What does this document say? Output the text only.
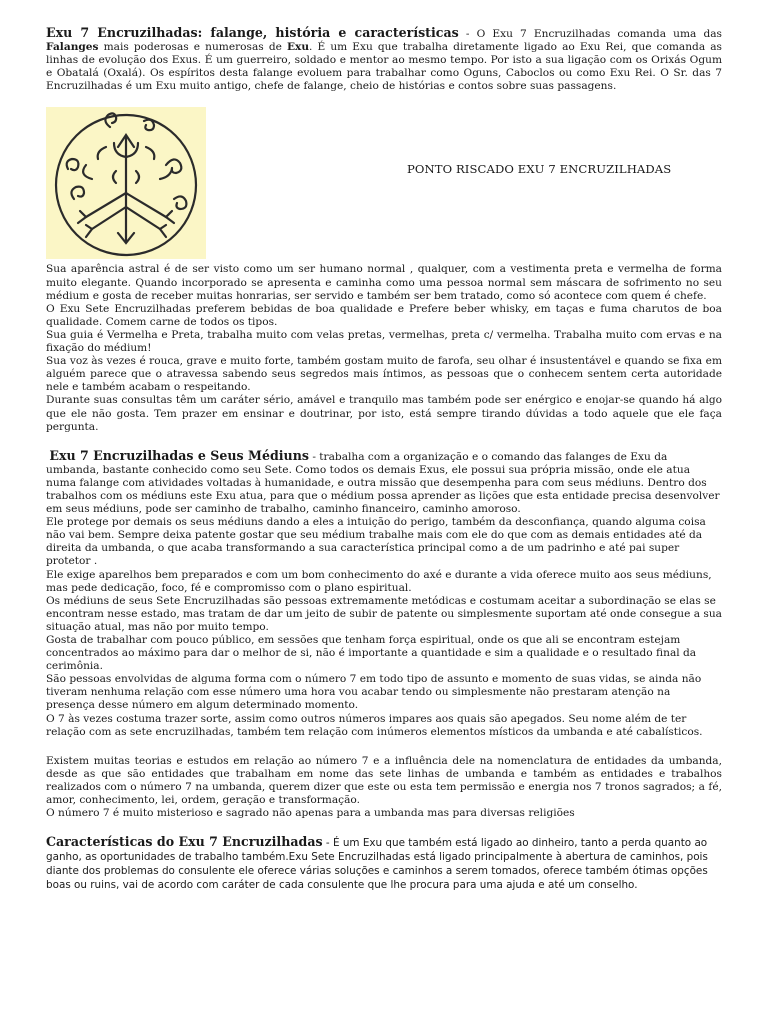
Exu 7 Encruzilhadas: falange, história e características - O Exu 7 Encruzilhadas comanda uma das Falanges mais poderosas e numerosas de Exu. É um Exu que trabalha diretamente ligado ao Exu Rei, que comanda as linhas de evolução dos Exus. É um guerreiro, soldado e mentor ao mesmo tempo. Por isto a sua ligação com os Orixás Ogum e Obatalá (Oxalá). Os espíritos desta falange evoluem para trabalhar como Oguns, Caboclos ou como Exu Rei. O Sr. das 7 Encruzilhadas é um Exu muito antigo, chefe de falange, cheio de histórias e contos sobre suas passagens.

PONTO RISCADO EXU 7 ENCRUZILHADAS

Sua aparência astral é de ser visto como um ser humano normal , qualquer, com a vestimenta preta e vermelha de forma muito elegante. Quando incorporado se apresenta e caminha como uma pessoa normal sem máscara de sofrimento no seu médium e gosta de receber muitas honrarias, ser servido e também ser bem tratado, como só acontece com quem é chefe.

O Exu Sete Encruzilhadas preferem bebidas de boa qualidade e Prefere beber whisky, em taças e fuma charutos de boa qualidade. Comem carne de todos os tipos.

Sua guia é Vermelha e Preta, trabalha muito com velas pretas, vermelhas, preta c/ vermelha. Trabalha muito com ervas e na fixação do médium!

Sua voz às vezes é rouca, grave e muito forte, também gostam muito de farofa, seu olhar é insustentável e quando se fixa em alguém parece que o atravessa sabendo seus segredos mais íntimos, as pessoas que o conhecem sentem certa autoridade nele e também acabam o respeitando.

Durante suas consultas têm um caráter sério, amável e tranquilo mas também pode ser enérgico e enojar-se quando há algo que ele não gosta. Tem prazer em ensinar e doutrinar, por isto, está sempre tirando dúvidas a todo aquele que ele faça pergunta.

Exu 7 Encruzilhadas e Seus Médiuns - trabalha com a organização e o comando das falanges de Exu da umbanda, bastante conhecido como seu Sete. Como todos os demais Exus, ele possui sua própria missão, onde ele atua numa falange com atividades voltadas à humanidade, e outra missão que desempenha para com seus médiuns. Dentro dos trabalhos com os médiuns este Exu atua, para que o médium possa aprender as lições que esta entidade precisa desenvolver em seus médiuns, pode ser caminho de trabalho, caminho financeiro, caminho amoroso.

Ele protege por demais os seus médiuns dando a eles a intuição do perigo, também da desconfiança, quando alguma coisa não vai bem. Sempre deixa patente gostar que seu médium trabalhe mais com ele do que com as demais entidades até da direita da umbanda, o que acaba transformando a sua característica principal como a de um padrinho e até pai super protetor .

Ele exige aparelhos bem preparados e com um bom conhecimento do axé e durante a vida oferece muito aos seus médiuns, mas pede dedicação, foco, fé e compromisso com o plano espiritual.

Os médiuns de seus Sete Encruzilhadas são pessoas extremamente metódicas e costumam aceitar a subordinação se elas se encontram nesse estado, mas tratam de dar um jeito de subir de patente ou simplesmente suportam até onde consegue a sua situação atual, mas não por muito tempo.

Gosta de trabalhar com pouco público, em sessões que tenham força espiritual, onde os que ali se encontram estejam concentrados ao máximo para dar o melhor de si, não é importante a quantidade e sim a qualidade e o resultado final da cerimônia.

São pessoas envolvidas de alguma forma com o número 7 em todo tipo de assunto e momento de suas vidas, se ainda não tiveram nenhuma relação com esse número uma hora vou acabar tendo ou simplesmente não prestaram atenção na presença desse número em algum determinado momento.

O 7 às vezes costuma trazer sorte, assim como outros números impares aos quais são apegados. Seu nome além de ter relação com as sete encruzilhadas, também tem relação com inúmeros elementos místicos da umbanda e até cabalísticos.

Existem muitas teorias e estudos em relação ao número 7 e a influência dele na nomenclatura de entidades da umbanda, desde as que são entidades que trabalham em nome das sete linhas de umbanda e também as entidades e trabalhos realizados com o número 7 na umbanda, querem dizer que este ou esta tem permissão e energia nos 7 tronos sagrados; a fé, amor, conhecimento, lei, ordem, geração e transformação.

O número 7 é muito misterioso e sagrado não apenas para a umbanda mas para diversas religiões

Características do Exu 7 Encruzilhadas - É um Exu que também está ligado ao dinheiro, tanto a perda quanto ao ganho, as oportunidades de trabalho também.Exu Sete Encruzilhadas está ligado principalmente à abertura de caminhos, pois diante dos problemas do consulente ele oferece várias soluções e caminhos a serem tomados, oferece também ótimas opções boas ou ruins, vai de acordo com caráter de cada consulente que lhe procura para uma ajuda e até um conselho.
